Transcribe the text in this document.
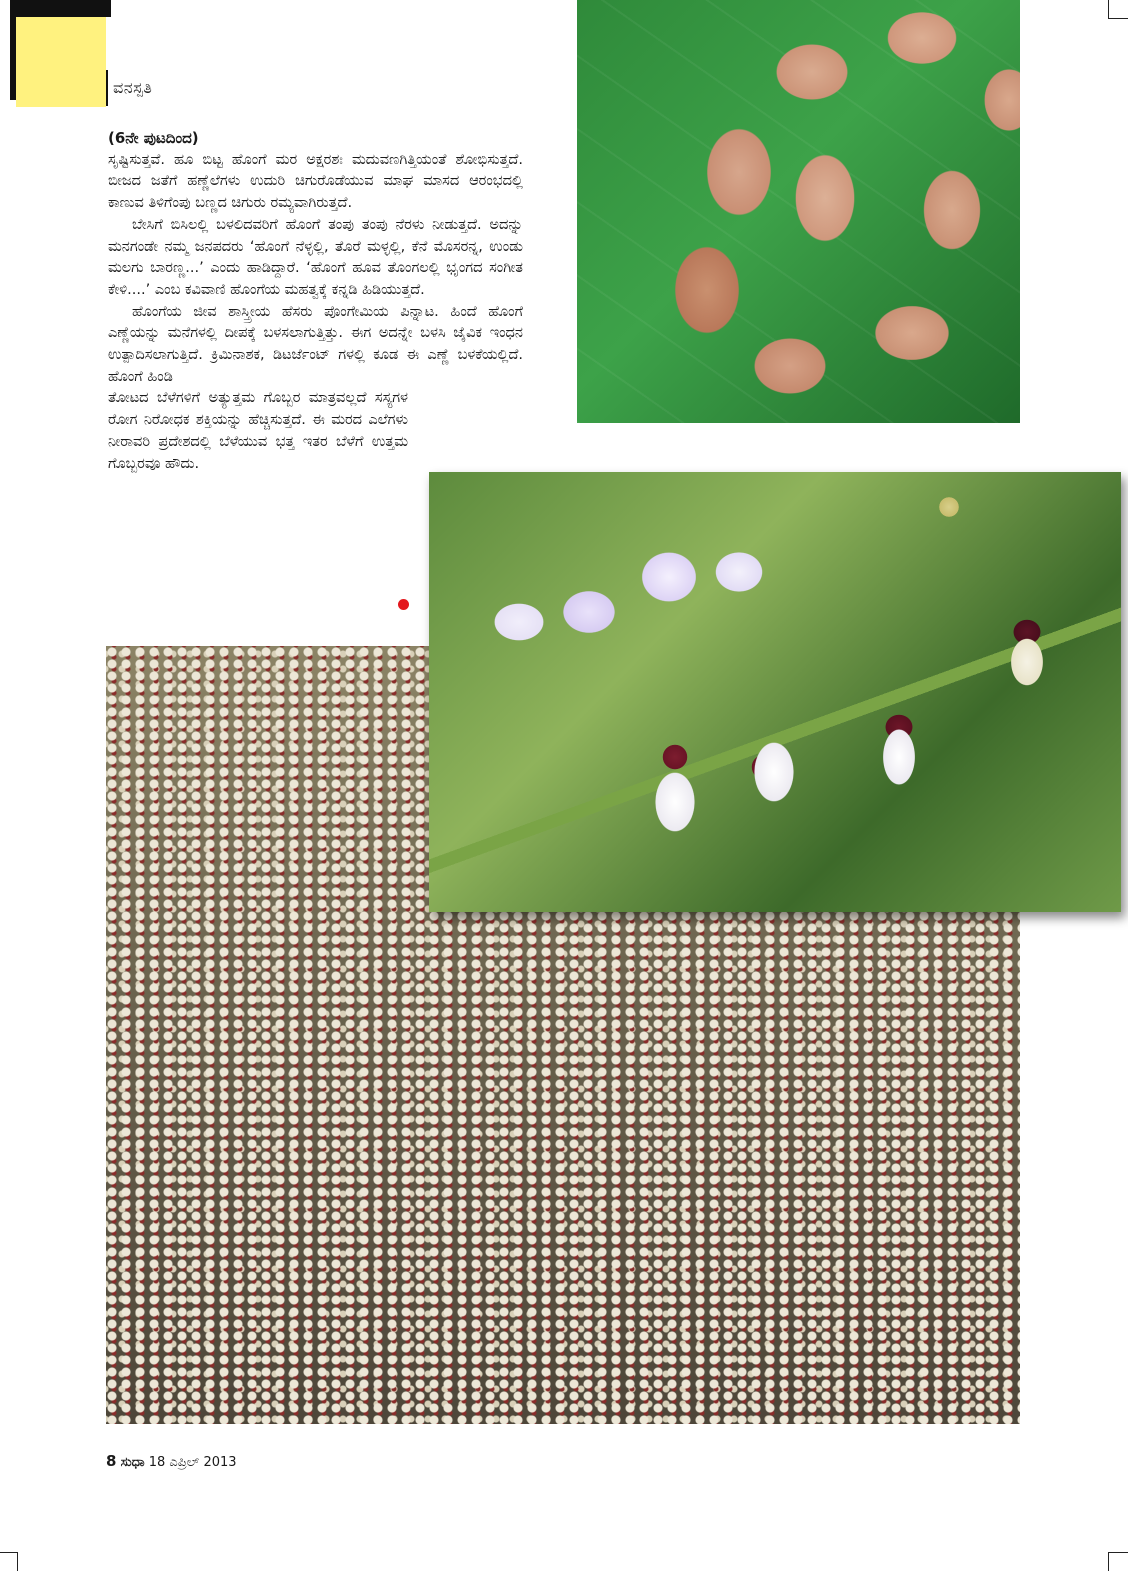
ವನಸ್ಪತಿ

(6ನೇ ಪುಟದಿಂದ)

ಸೃಷ್ಟಿಸುತ್ತವೆ. ಹೂ ಬಿಟ್ಟ ಹೊಂಗೆ ಮರ ಅಕ್ಷರಶಃ ಮದುವಣಗಿತ್ತಿಯಂತೆ ಶೋಭಿಸುತ್ತದೆ. ಬೀಜದ ಜತೆಗೆ ಹಣ್ಣೆಲೆಗಳು ಉದುರಿ ಚಿಗುರೊಡೆಯುವ ಮಾಘ ಮಾಸದ ಆರಂಭದಲ್ಲಿ ಕಾಣುವ ತಿಳಿಗೆಂಪು ಬಣ್ಣದ ಚಿಗುರು ರಮ್ಯವಾಗಿರುತ್ತದೆ.

ಬೇಸಿಗೆ ಬಿಸಿಲಲ್ಲಿ ಬಳಲಿದವರಿಗೆ ಹೊಂಗೆ ತಂಪು ತಂಪು ನೆರಳು ನೀಡುತ್ತದೆ. ಅದನ್ನು ಮನಗಂಡೇ ನಮ್ಮ ಜನಪದರು ‘ಹೊಂಗೆ ನೆಳ್ಳಲ್ಲಿ, ತೊರೆ ಮಳ್ಳಲ್ಲಿ, ಕೆನೆ ಮೊಸರನ್ನ, ಉಂಡು ಮಲಗು ಬಾರಣ್ಣ...’ ಎಂದು ಹಾಡಿದ್ದಾರೆ. ‘ಹೊಂಗೆ ಹೂವ ತೊಂಗಲಲ್ಲಿ ಭೃಂಗದ ಸಂಗೀತ ಕೇಳಿ....’ ಎಂಬ ಕವಿವಾಣಿ ಹೊಂಗೆಯ ಮಹತ್ವಕ್ಕೆ ಕನ್ನಡಿ ಹಿಡಿಯುತ್ತದೆ.

ಹೊಂಗೆಯ ಜೀವ ಶಾಸ್ತ್ರೀಯ ಹೆಸರು ಪೊಂಗೇಮಿಯ ಪಿನ್ನಾಟ. ಹಿಂದೆ ಹೊಂಗೆ ಎಣ್ಣೆಯನ್ನು ಮನೆಗಳಲ್ಲಿ ದೀಪಕ್ಕೆ ಬಳಸಲಾಗುತ್ತಿತ್ತು. ಈಗ ಅದನ್ನೇ ಬಳಸಿ ಜೈವಿಕ ಇಂಧನ ಉತ್ಪಾದಿಸಲಾಗುತ್ತಿದೆ. ಕ್ರಿಮಿನಾಶಕ, ಡಿಟರ್ಜೆಂಟ್ ಗಳಲ್ಲಿ ಕೂಡ ಈ ಎಣ್ಣೆ ಬಳಕೆಯಲ್ಲಿದೆ. ಹೊಂಗೆ ಹಿಂಡಿ

ತೋಟದ ಬೆಳೆಗಳಿಗೆ ಅತ್ಯುತ್ತಮ ಗೊಬ್ಬರ ಮಾತ್ರವಲ್ಲದೆ ಸಸ್ಯಗಳ ರೋಗ ನಿರೋಧಕ ಶಕ್ತಿಯನ್ನು ಹೆಚ್ಚಿಸುತ್ತದೆ. ಈ ಮರದ ಎಲೆಗಳು ನೀರಾವರಿ ಪ್ರದೇಶದಲ್ಲಿ ಬೆಳೆಯುವ ಭತ್ತ ಇತರ ಬೆಳೆಗೆ ಉತ್ತಮ ಗೊಬ್ಬರವೂ ಹೌದು.

8 ಸುಧಾ 18 ಎಪ್ರಿಲ್ 2013
